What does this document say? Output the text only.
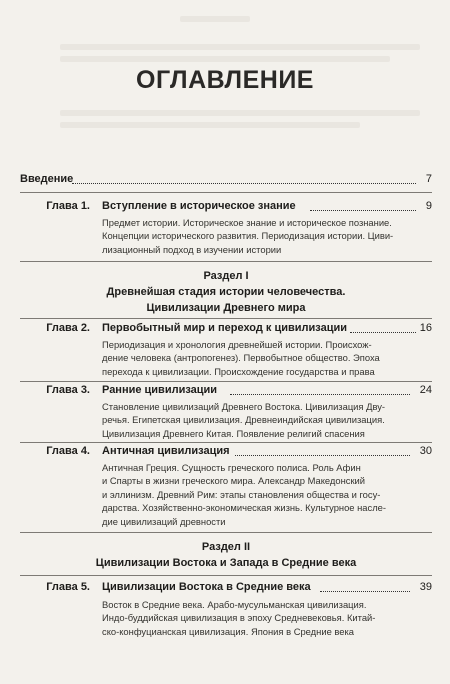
ОГЛАВЛЕНИЕ
Введение	7
Глава 1. Вступление в историческое знание	9
Предмет истории. Историческое знание и историческое познание.
Концепции исторического развития. Периодизация истории. Циви-
лизационный подход в изучении истории
Раздел I
Древнейшая стадия истории человечества.
Цивилизации Древнего мира
Глава 2. Первобытный мир и переход к цивилизации	16
Периодизация и хронология древнейшей истории. Происхож-
дение человека (антропогенез). Первобытное общество. Эпоха
перехода к цивилизации. Происхождение государства и права
Глава 3. Ранние цивилизации	24
Становление цивилизаций Древнего Востока. Цивилизация Дву-
речья. Египетская цивилизация. Древнеиндийская цивилизация.
Цивилизация Древнего Китая. Появление религий спасения
Глава 4. Античная цивилизация	30
Античная Греция. Сущность греческого полиса. Роль Афин
и Спарты в жизни греческого мира. Александр Македонский
и эллинизм. Древний Рим: этапы становления общества и госу-
дарства. Хозяйственно-экономическая жизнь. Культурное насле-
дие цивилизаций древности
Раздел II
Цивилизации Востока и Запада в Средние века
Глава 5. Цивилизации Востока в Средние века	39
Восток в Средние века. Арабо-мусульманская цивилизация.
Индо-буддийская цивилизация в эпоху Средневековья. Китай-
ско-конфуцианская цивилизация. Япония в Средние века
